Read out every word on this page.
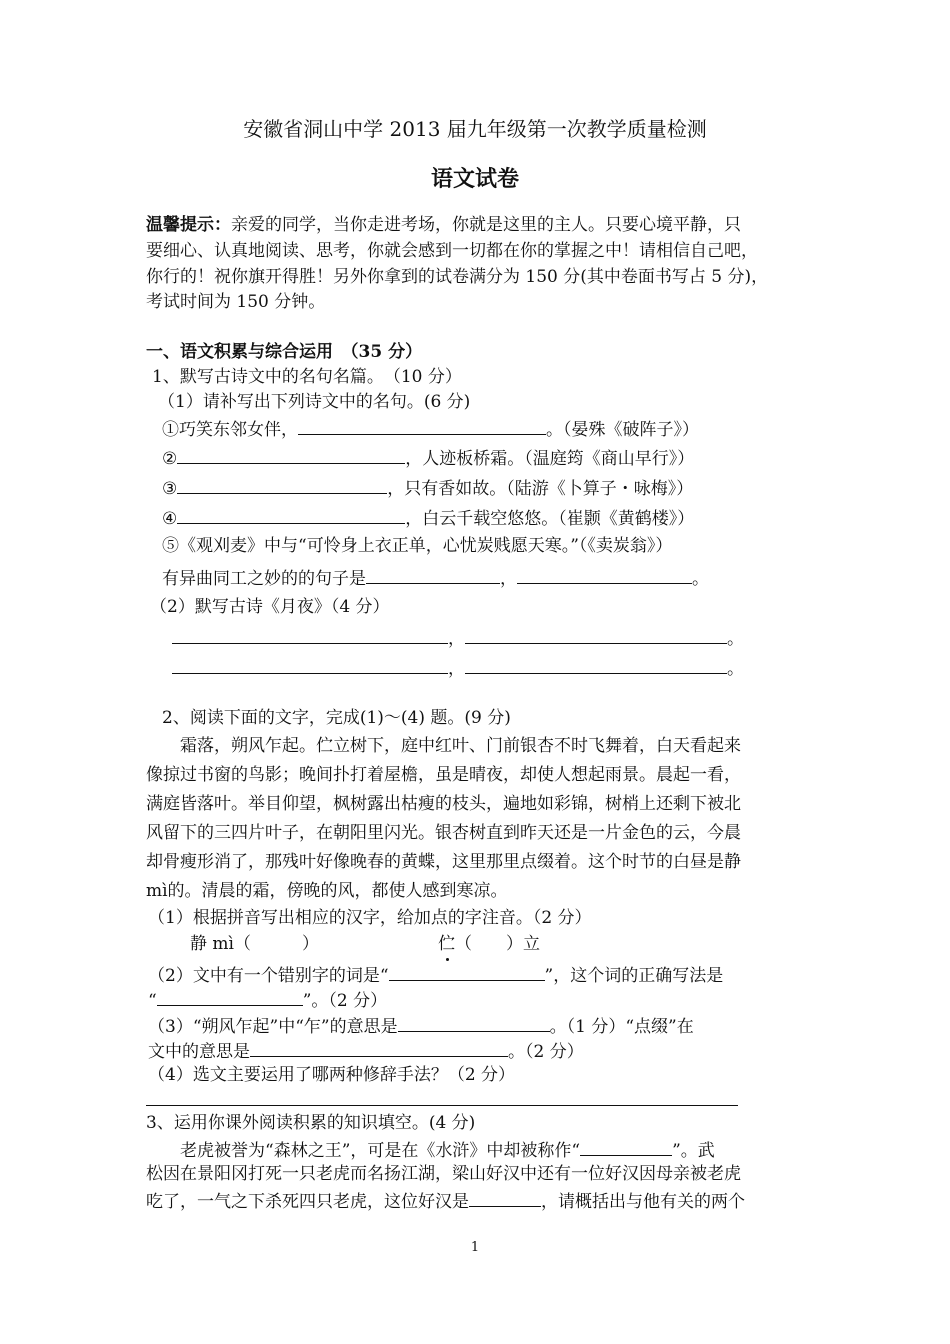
安徽省洞山中学 2013 届九年级第一次教学质量检测
语文试卷
温馨提示：亲爱的同学，当你走进考场，你就是这里的主人。只要心境平静，只
要细心、认真地阅读、思考，你就会感到一切都在你的掌握之中！请相信自己吧，
你行的！祝你旗开得胜！另外你拿到的试卷满分为 150 分(其中卷面书写占 5 分)，
考试时间为 150 分钟。
一、语文积累与综合运用　（35 分）
1、默写古诗文中的名句名篇。　（10 分）
（1）请补写出下列诗文中的名句。(6 分)
①巧笑东邻女伴，	。（晏殊《破阵子》）
②	，人迹板桥霜。（温庭筠《商山早行》）
③	，只有香如故。（陆游《卜算子・咏梅》）
④	，白云千载空悠悠。（崔颢《黄鹤楼》）
⑤《观刈麦》中与“可怜身上衣正单，心忧炭贱愿天寒。”（《卖炭翁》）
有异曲同工之妙的的句子是	，	。
（2）默写古诗《月夜》（4 分）
，	。
，	。
2、阅读下面的文字，完成(1)～(4) 题。(9 分)
霜落，朔风乍起。伫立树下，庭中红叶、门前银杏不时飞舞着，白天看起来
像掠过书窗的鸟影；晚间扑打着屋檐，虽是晴夜，却使人想起雨景。晨起一看，
满庭皆落叶。举目仰望，枫树露出枯瘦的枝头，遍地如彩锦，树梢上还剩下被北
风留下的三四片叶子，在朝阳里闪光。银杏树直到昨天还是一片金色的云，今晨
却骨瘦形消了，那残叶好像晚春的黄蝶，这里那里点缀着。这个时节的白昼是静
mì的。清晨的霜，傍晚的风，都使人感到寒凉。
（1）根据拼音写出相应的汉字，给加点的字注音。（2 分）
静 mì（　　　）	伫（　　）立
（2）文中有一个错别字的词是“	”，这个词的正确写法是
“	”。（2 分）
（3）“朔风乍起”中“乍”的意思是	。（1 分）“点缀”在
文中的意思是	。（2 分）
（4）选文主要运用了哪两种修辞手法？（2 分）
3、运用你课外阅读积累的知识填空。(4 分)
老虎被誉为“森林之王”，可是在《水浒》中却被称作“	”。武
松因在景阳冈打死一只老虎而名扬江湖，梁山好汉中还有一位好汉因母亲被老虎
吃了，一气之下杀死四只老虎，这位好汉是	，请概括出与他有关的两个
1
